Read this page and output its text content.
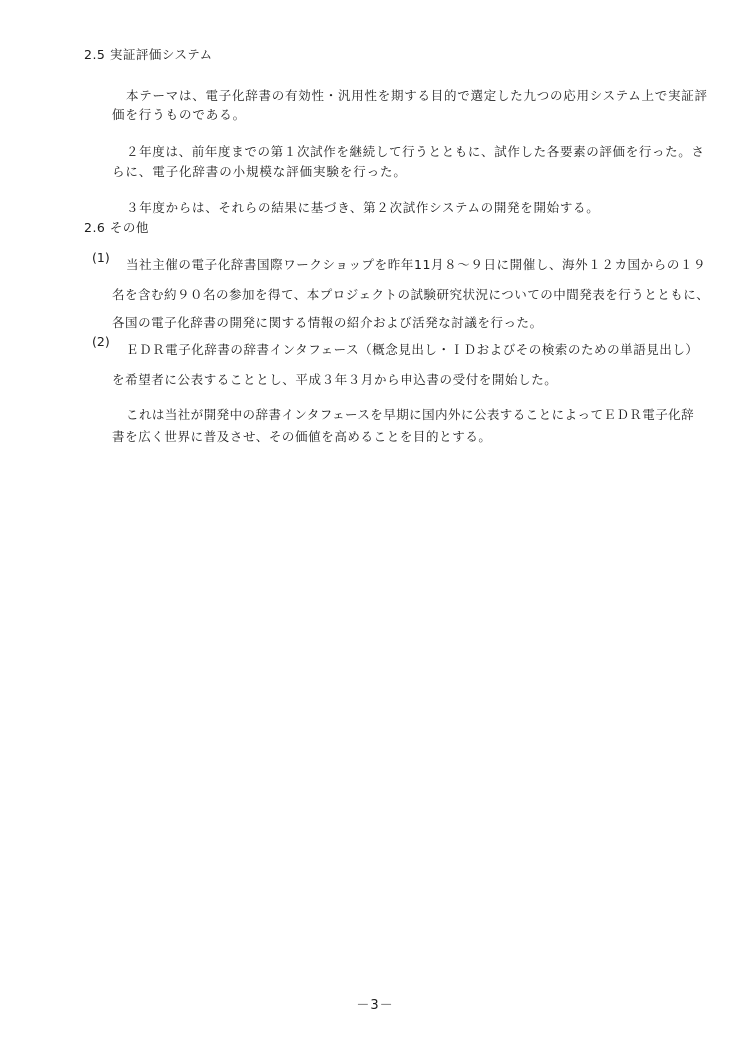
2.5 実証評価システム
本テーマは、電子化辞書の有効性・汎用性を期する目的で選定した九つの応用システム上で実証評
価を行うものである。
２年度は、前年度までの第１次試作を継続して行うとともに、試作した各要素の評価を行った。さ
らに、電子化辞書の小規模な評価実験を行った。
３年度からは、それらの結果に基づき、第２次試作システムの開発を開始する。
2.6 その他
(1) 当社主催の電子化辞書国際ワークショップを昨年11月８～９日に開催し、海外１２カ国からの１９
名を含む約９０名の参加を得て、本プロジェクトの試験研究状況についての中間発表を行うとともに、
各国の電子化辞書の開発に関する情報の紹介および活発な討議を行った。
(2)
ＥＤＲ電子化辞書の辞書インタフェース（概念見出し・ＩＤおよびその検索のための単語見出し）
を希望者に公表することとし、平成３年３月から申込書の受付を開始した。
これは当社が開発中の辞書インタフェースを早期に国内外に公表することによってＥＤＲ電子化辞
書を広く世界に普及させ、その価値を高めることを目的とする。
－3－
